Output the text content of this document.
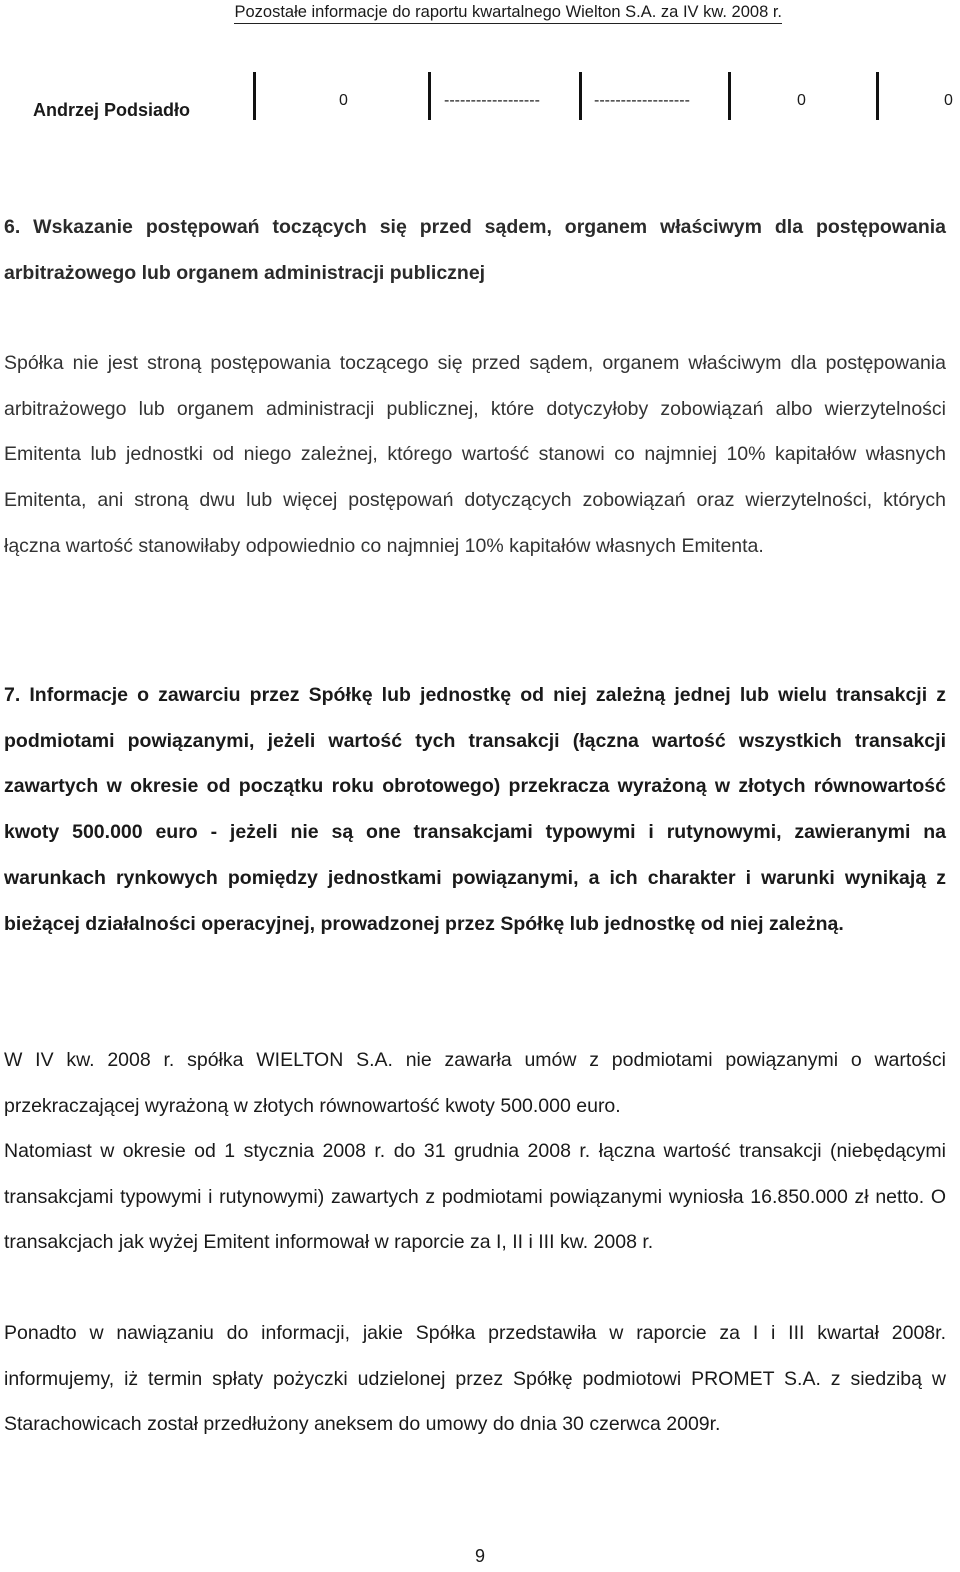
Pozostałe informacje do raportu kwartalnego Wielton S.A. za IV kw. 2008 r.
Andrzej Podsiadło	0	------------------	------------------	0	0

6. Wskazanie postępowań toczących się przed sądem, organem właściwym dla postępowania arbitrażowego lub organem administracji publicznej

Spółka nie jest stroną postępowania toczącego się przed sądem, organem właściwym dla postępowania arbitrażowego lub organem administracji publicznej, które dotyczyłoby zobowiązań albo wierzytelności Emitenta lub jednostki od niego zależnej, którego wartość stanowi co najmniej 10% kapitałów własnych Emitenta, ani stroną dwu lub więcej postępowań dotyczących zobowiązań oraz wierzytelności, których łączna wartość stanowiłaby odpowiednio co najmniej 10% kapitałów własnych Emitenta.

7. Informacje o zawarciu przez Spółkę lub jednostkę od niej zależną jednej lub wielu transakcji z podmiotami powiązanymi, jeżeli wartość tych transakcji (łączna wartość wszystkich transakcji zawartych w okresie od początku roku obrotowego) przekracza wyrażoną w złotych równowartość kwoty 500.000 euro - jeżeli nie są one transakcjami typowymi i rutynowymi, zawieranymi na warunkach rynkowych pomiędzy jednostkami powiązanymi, a ich charakter i warunki wynikają z bieżącej działalności operacyjnej, prowadzonej przez Spółkę lub jednostkę od niej zależną.

W IV kw. 2008 r. spółka WIELTON S.A. nie zawarła umów z podmiotami powiązanymi o wartości przekraczającej wyrażoną w złotych równowartość kwoty 500.000 euro.

Natomiast w okresie od 1 stycznia 2008 r. do 31 grudnia 2008 r. łączna wartość transakcji (niebędącymi transakcjami typowymi i rutynowymi) zawartych z podmiotami powiązanymi wyniosła 16.850.000 zł netto. O transakcjach jak wyżej Emitent informował w raporcie za I, II i III kw. 2008 r.

Ponadto w nawiązaniu do informacji, jakie Spółka przedstawiła w raporcie za I i III kwartał 2008r. informujemy, iż termin spłaty pożyczki udzielonej przez Spółkę podmiotowi PROMET S.A. z siedzibą w Starachowicach został przedłużony aneksem do umowy do dnia 30 czerwca 2009r.

9
